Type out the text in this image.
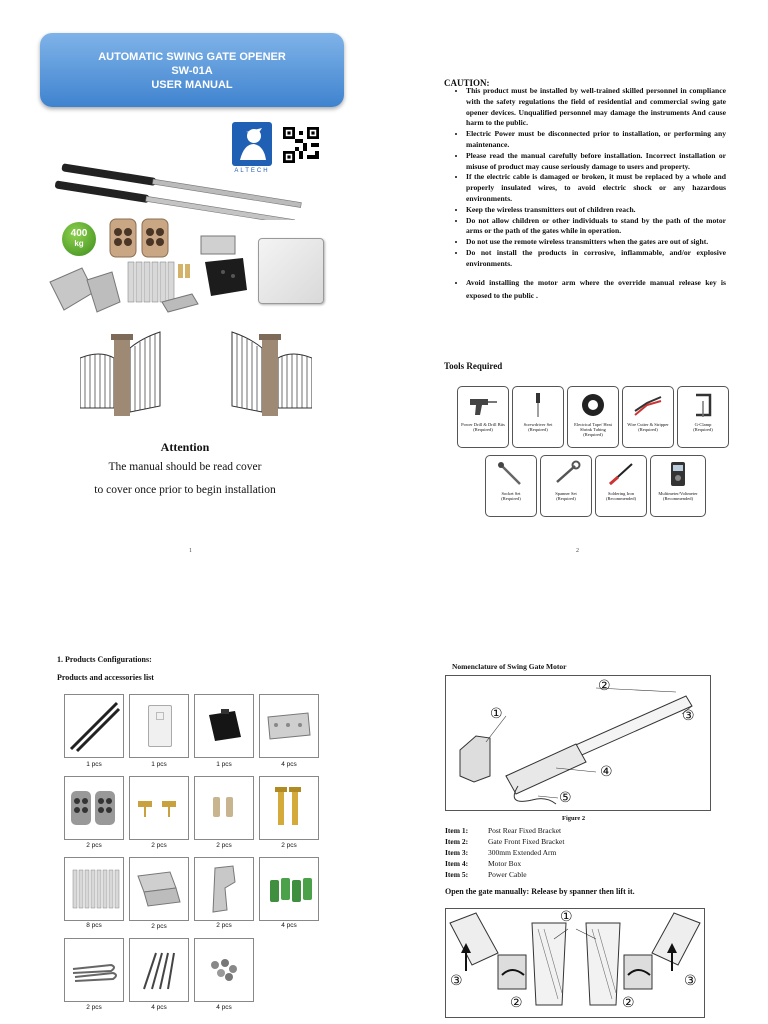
AUTOMATIC SWING GATE OPENER
SW-01A
USER MANUAL
ALTECH
400
kg
Attention
The manual should be read cover
to cover once prior to begin installation
1
CAUTION:
• This product must be installed by well-trained skilled personnel in compliance with the safety regulations the field of residential and commercial swing gate opener devices. Unqualified personnel may damage the instruments And cause harm to the public.
• Electric Power must be disconnected prior to installation, or performing any maintenance.
• Please read the manual carefully before installation. Incorrect installation or misuse of product may cause seriously damage to users and property.
• If the electric cable is damaged or broken, it must be replaced by a whole and properly insulated wires, to avoid electric shock or any hazardous environments.
• Keep the wireless transmitters out of children reach.
• Do not allow children or other individuals to stand by the path of the motor arms or the path of the gates while in operation.
• Do not use the remote wireless transmitters when the gates are out of sight.
• Do not install the products in corrosive, inflammable, and/or explosive environments.
• Avoid installing the motor arm where the override manual release key is exposed to the public .
Tools Required
Power Drill & Drill Bits
(Required)
Screwdriver Set
(Required)
Electrical Tape/ Heat Shrink Tubing
(Required)
Wire Cutter & Stripper
(Required)
G-Clamp
(Required)
Socket Set
(Required)
Spanner Set
(Required)
Soldering Iron
(Recommended)
Multimeter/Voltmeter
(Recommended)
2
1. Products Configurations:
Products and accessories list
1 pcs	1 pcs	1 pcs	4 pcs
2 pcs	2 pcs	2 pcs	2 pcs
8 pcs	2 pcs	2 pcs	4 pcs
2 pcs	4 pcs	4 pcs
Nomenclature of Swing Gate Motor
①
②
③
④
⑤
Figure 2
Item 1:	Post Rear Fixed Bracket
Item 2:	Gate Front Fixed Bracket
Item 3:	300mm Extended Arm
Item 4:	Motor Box
Item 5:	Power Cable
Open the gate manually: Release by spanner then lift it.
①
③
②	②
③
